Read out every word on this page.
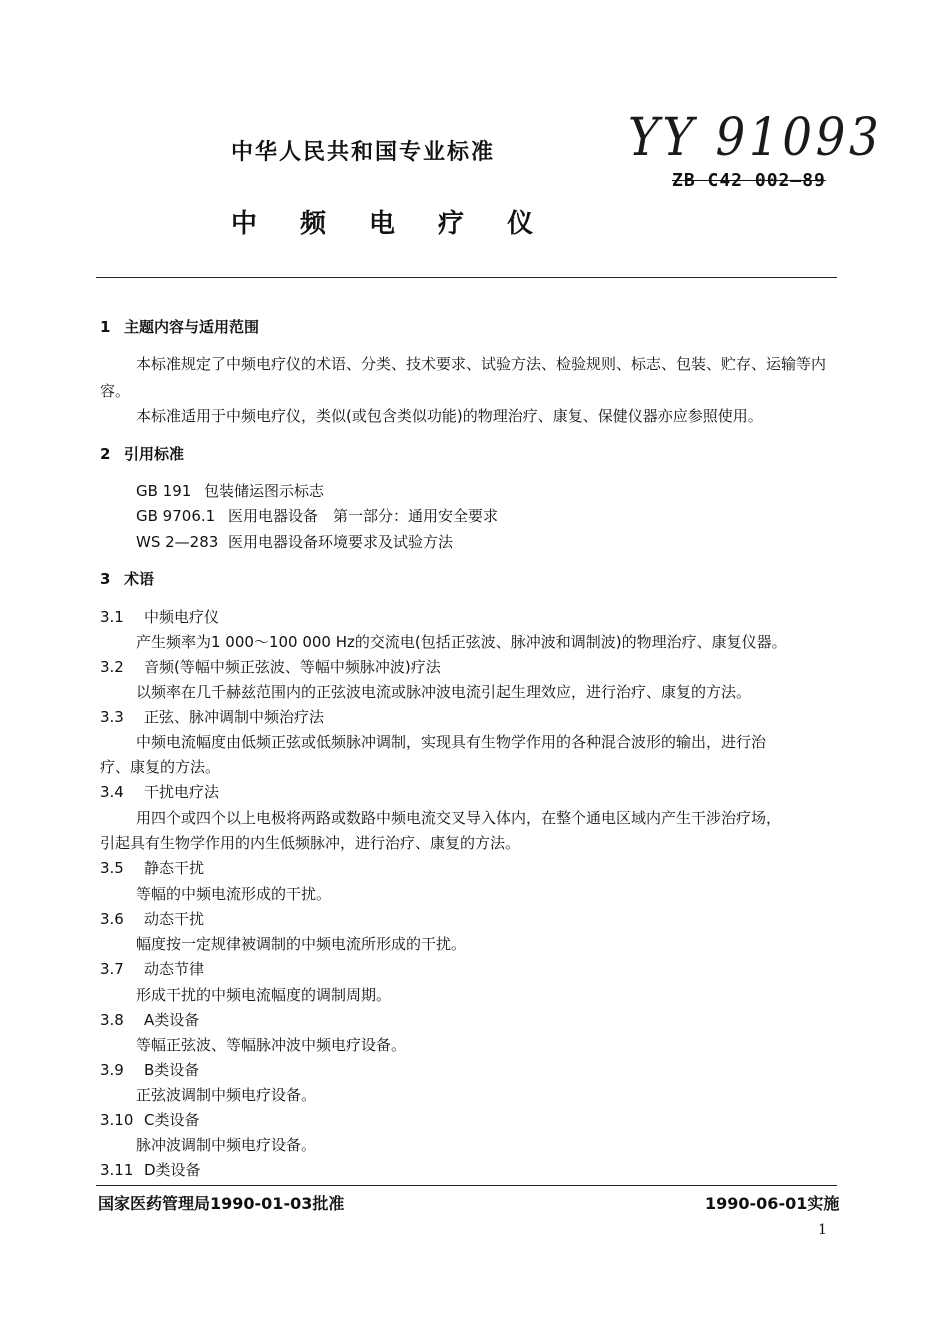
中华人民共和国专业标准	YY 91093
ZB C42 002—89
中 频 电 疗 仪
1 主题内容与适用范围
本标准规定了中频电疗仪的术语、分类、技术要求、试验方法、检验规则、标志、包装、贮存、运输等内
容。
本标准适用于中频电疗仪，类似(或包含类似功能)的物理治疗、康复、保健仪器亦应参照使用。
2 引用标准
GB 191 包装储运图示标志
GB 9706.1 医用电器设备　第一部分：通用安全要求
WS 2—283 医用电器设备环境要求及试验方法
3 术语
3.1 中频电疗仪
产生频率为1 000～100 000 Hz的交流电(包括正弦波、脉冲波和调制波)的物理治疗、康复仪器。
3.2 音频(等幅中频正弦波、等幅中频脉冲波)疗法
以频率在几千赫兹范围内的正弦波电流或脉冲波电流引起生理效应，进行治疗、康复的方法。
3.3 正弦、脉冲调制中频治疗法
中频电流幅度由低频正弦或低频脉冲调制，实现具有生物学作用的各种混合波形的输出，进行治
疗、康复的方法。
3.4 干扰电疗法
用四个或四个以上电极将两路或数路中频电流交叉导入体内，在整个通电区域内产生干涉治疗场，
引起具有生物学作用的内生低频脉冲，进行治疗、康复的方法。
3.5 静态干扰
等幅的中频电流形成的干扰。
3.6 动态干扰
幅度按一定规律被调制的中频电流所形成的干扰。
3.7 动态节律
形成干扰的中频电流幅度的调制周期。
3.8 A类设备
等幅正弦波、等幅脉冲波中频电疗设备。
3.9 B类设备
正弦波调制中频电疗设备。
3.10 C类设备
脉冲波调制中频电疗设备。
3.11 D类设备
国家医药管理局1990-01-03批准	1990-06-01实施
1
